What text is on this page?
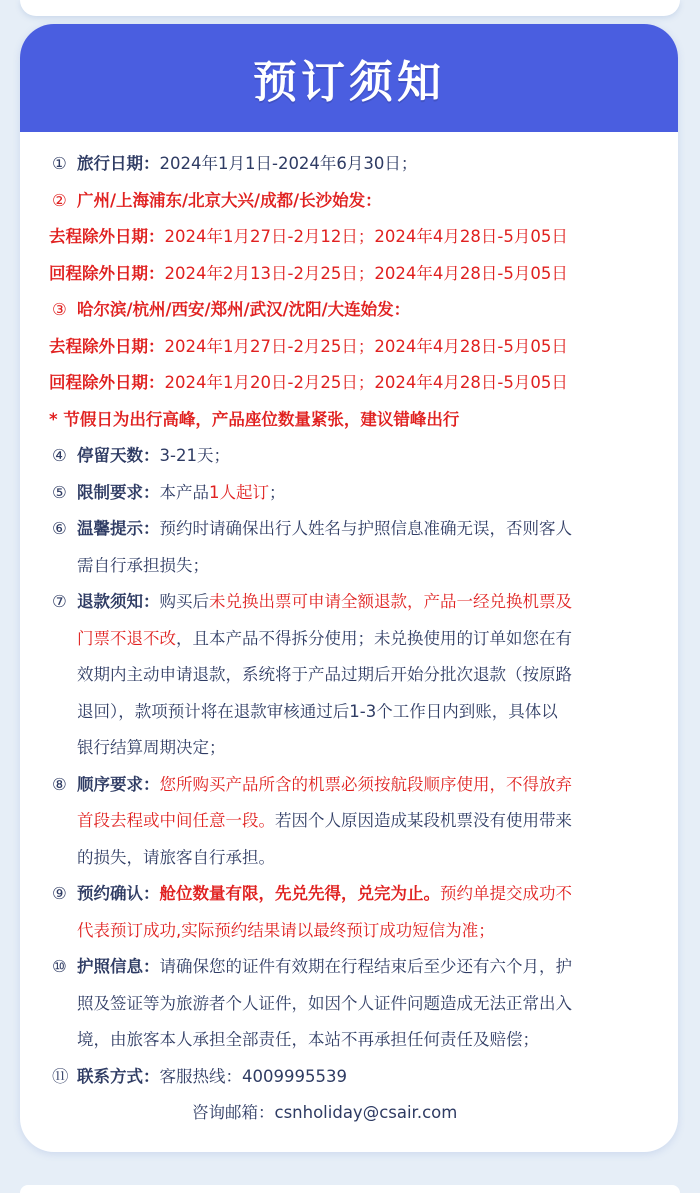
预订须知
① 旅行日期： 2024年1月1日-2024年6月30日；
② 广州/上海浦东/北京大兴/成都/长沙始发：
去程除外日期： 2024年1月27日-2月12日；2024年4月28日-5月05日
回程除外日期： 2024年2月13日-2月25日；2024年4月28日-5月05日
③ 哈尔滨/杭州/西安/郑州/武汉/沈阳/大连始发：
去程除外日期： 2024年1月27日-2月25日；2024年4月28日-5月05日
回程除外日期： 2024年1月20日-2月25日；2024年4月28日-5月05日
* 节假日为出行高峰，产品座位数量紧张，建议错峰出行
④ 停留天数： 3-21天；
⑤ 限制要求： 本产品1人起订；
⑥ 温馨提示： 预约时请确保出行人姓名与护照信息准确无误，否则客人
需自行承担损失；
⑦ 退款须知： 购买后未兑换出票可申请全额退款，产品一经兑换机票及
门票不退不改，且本产品不得拆分使用；未兑换使用的订单如您在有
效期内主动申请退款，系统将于产品过期后开始分批次退款（按原路
退回），款项预计将在退款审核通过后1-3个工作日内到账，具体以
银行结算周期决定；
⑧ 顺序要求： 您所购买产品所含的机票必须按航段顺序使用，不得放弃
首段去程或中间任意一段。若因个人原因造成某段机票没有使用带来
的损失，请旅客自行承担。
⑨ 预约确认： 舱位数量有限，先兑先得，兑完为止。预约单提交成功不
代表预订成功,实际预约结果请以最终预订成功短信为准；
⑩ 护照信息： 请确保您的证件有效期在行程结束后至少还有六个月，护
照及签证等为旅游者个人证件，如因个人证件问题造成无法正常出入
境，由旅客本人承担全部责任，本站不再承担任何责任及赔偿；
⑪ 联系方式： 客服热线：4009995539
咨询邮箱：csnholiday@csair.com
